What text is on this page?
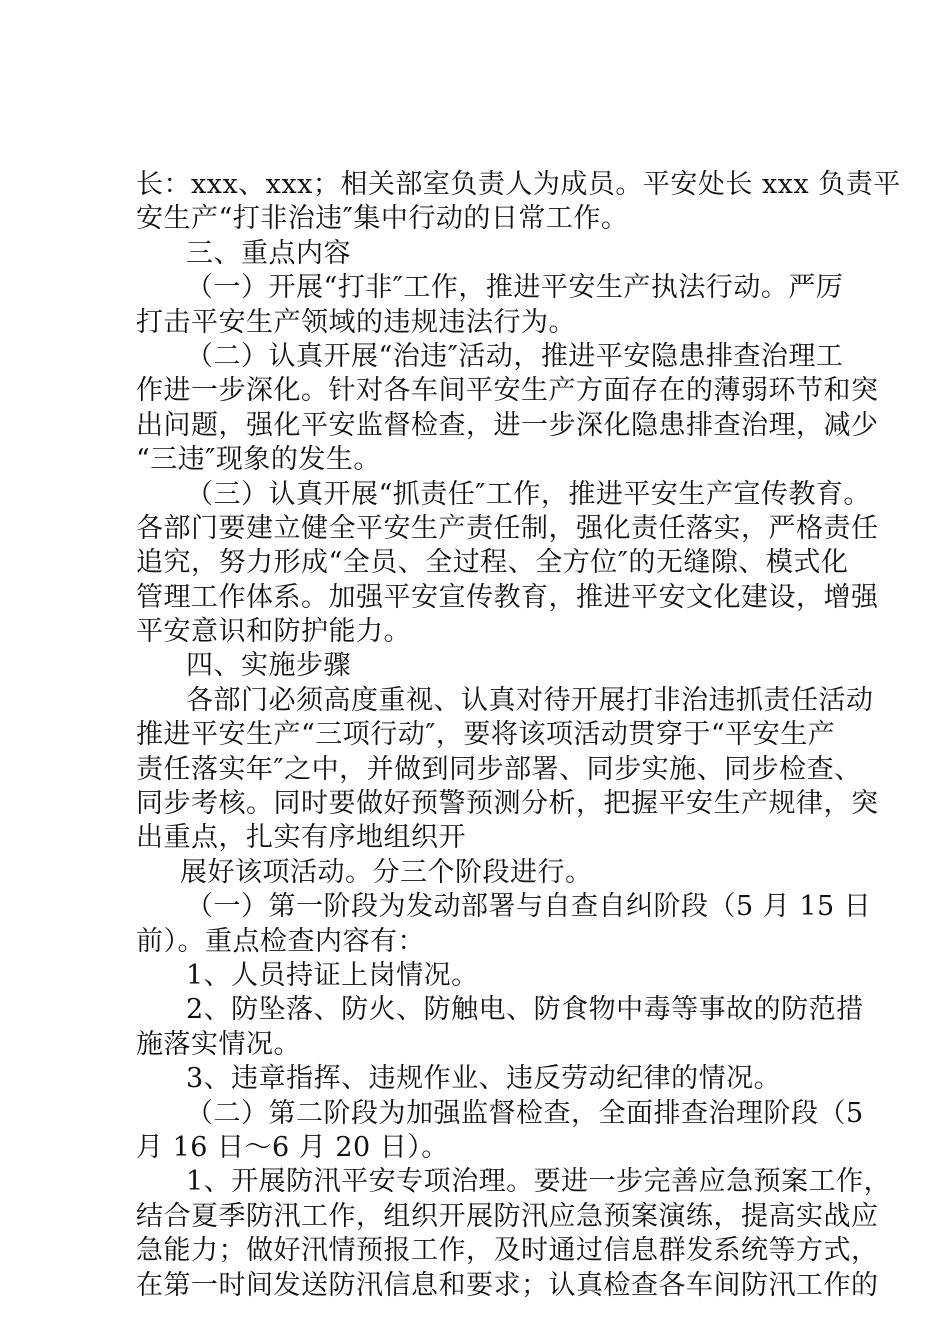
长：xxx、xxx；相关部室负责人为成员。平安处长 xxx 负责平
安生产“打非治违″集中行动的日常工作。
三、重点内容
（一）开展“打非″工作，推进平安生产执法行动。严厉
打击平安生产领域的违规违法行为。
（二）认真开展“治违″活动，推进平安隐患排查治理工
作进一步深化。针对各车间平安生产方面存在的薄弱环节和突
出问题，强化平安监督检查，进一步深化隐患排查治理，减少
“三违″现象的发生。
（三）认真开展“抓责任″工作，推进平安生产宣传教育。
各部门要建立健全平安生产责任制，强化责任落实，严格责任
追究，努力形成“全员、全过程、全方位″的无缝隙、模式化
管理工作体系。加强平安宣传教育，推进平安文化建设，增强
平安意识和防护能力。
四、实施步骤
各部门必须高度重视、认真对待开展打非治违抓责任活动
推进平安生产“三项行动″，要将该项活动贯穿于“平安生产
责任落实年″之中，并做到同步部署、同步实施、同步检查、
同步考核。同时要做好预警预测分析，把握平安生产规律，突
出重点，扎实有序地组织开
展好该项活动。分三个阶段进行。
（一）第一阶段为发动部署与自查自纠阶段（5 月 15 日
前）。重点检查内容有：
1、人员持证上岗情况。
2、防坠落、防火、防触电、防食物中毒等事故的防范措
施落实情况。
3、违章指挥、违规作业、违反劳动纪律的情况。
（二）第二阶段为加强监督检查，全面排查治理阶段（5
月 16 日～6 月 20 日）。
1、开展防汛平安专项治理。要进一步完善应急预案工作，
结合夏季防汛工作，组织开展防汛应急预案演练，提高实战应
急能力；做好汛情预报工作，及时通过信息群发系统等方式，
在第一时间发送防汛信息和要求；认真检查各车间防汛工作的
